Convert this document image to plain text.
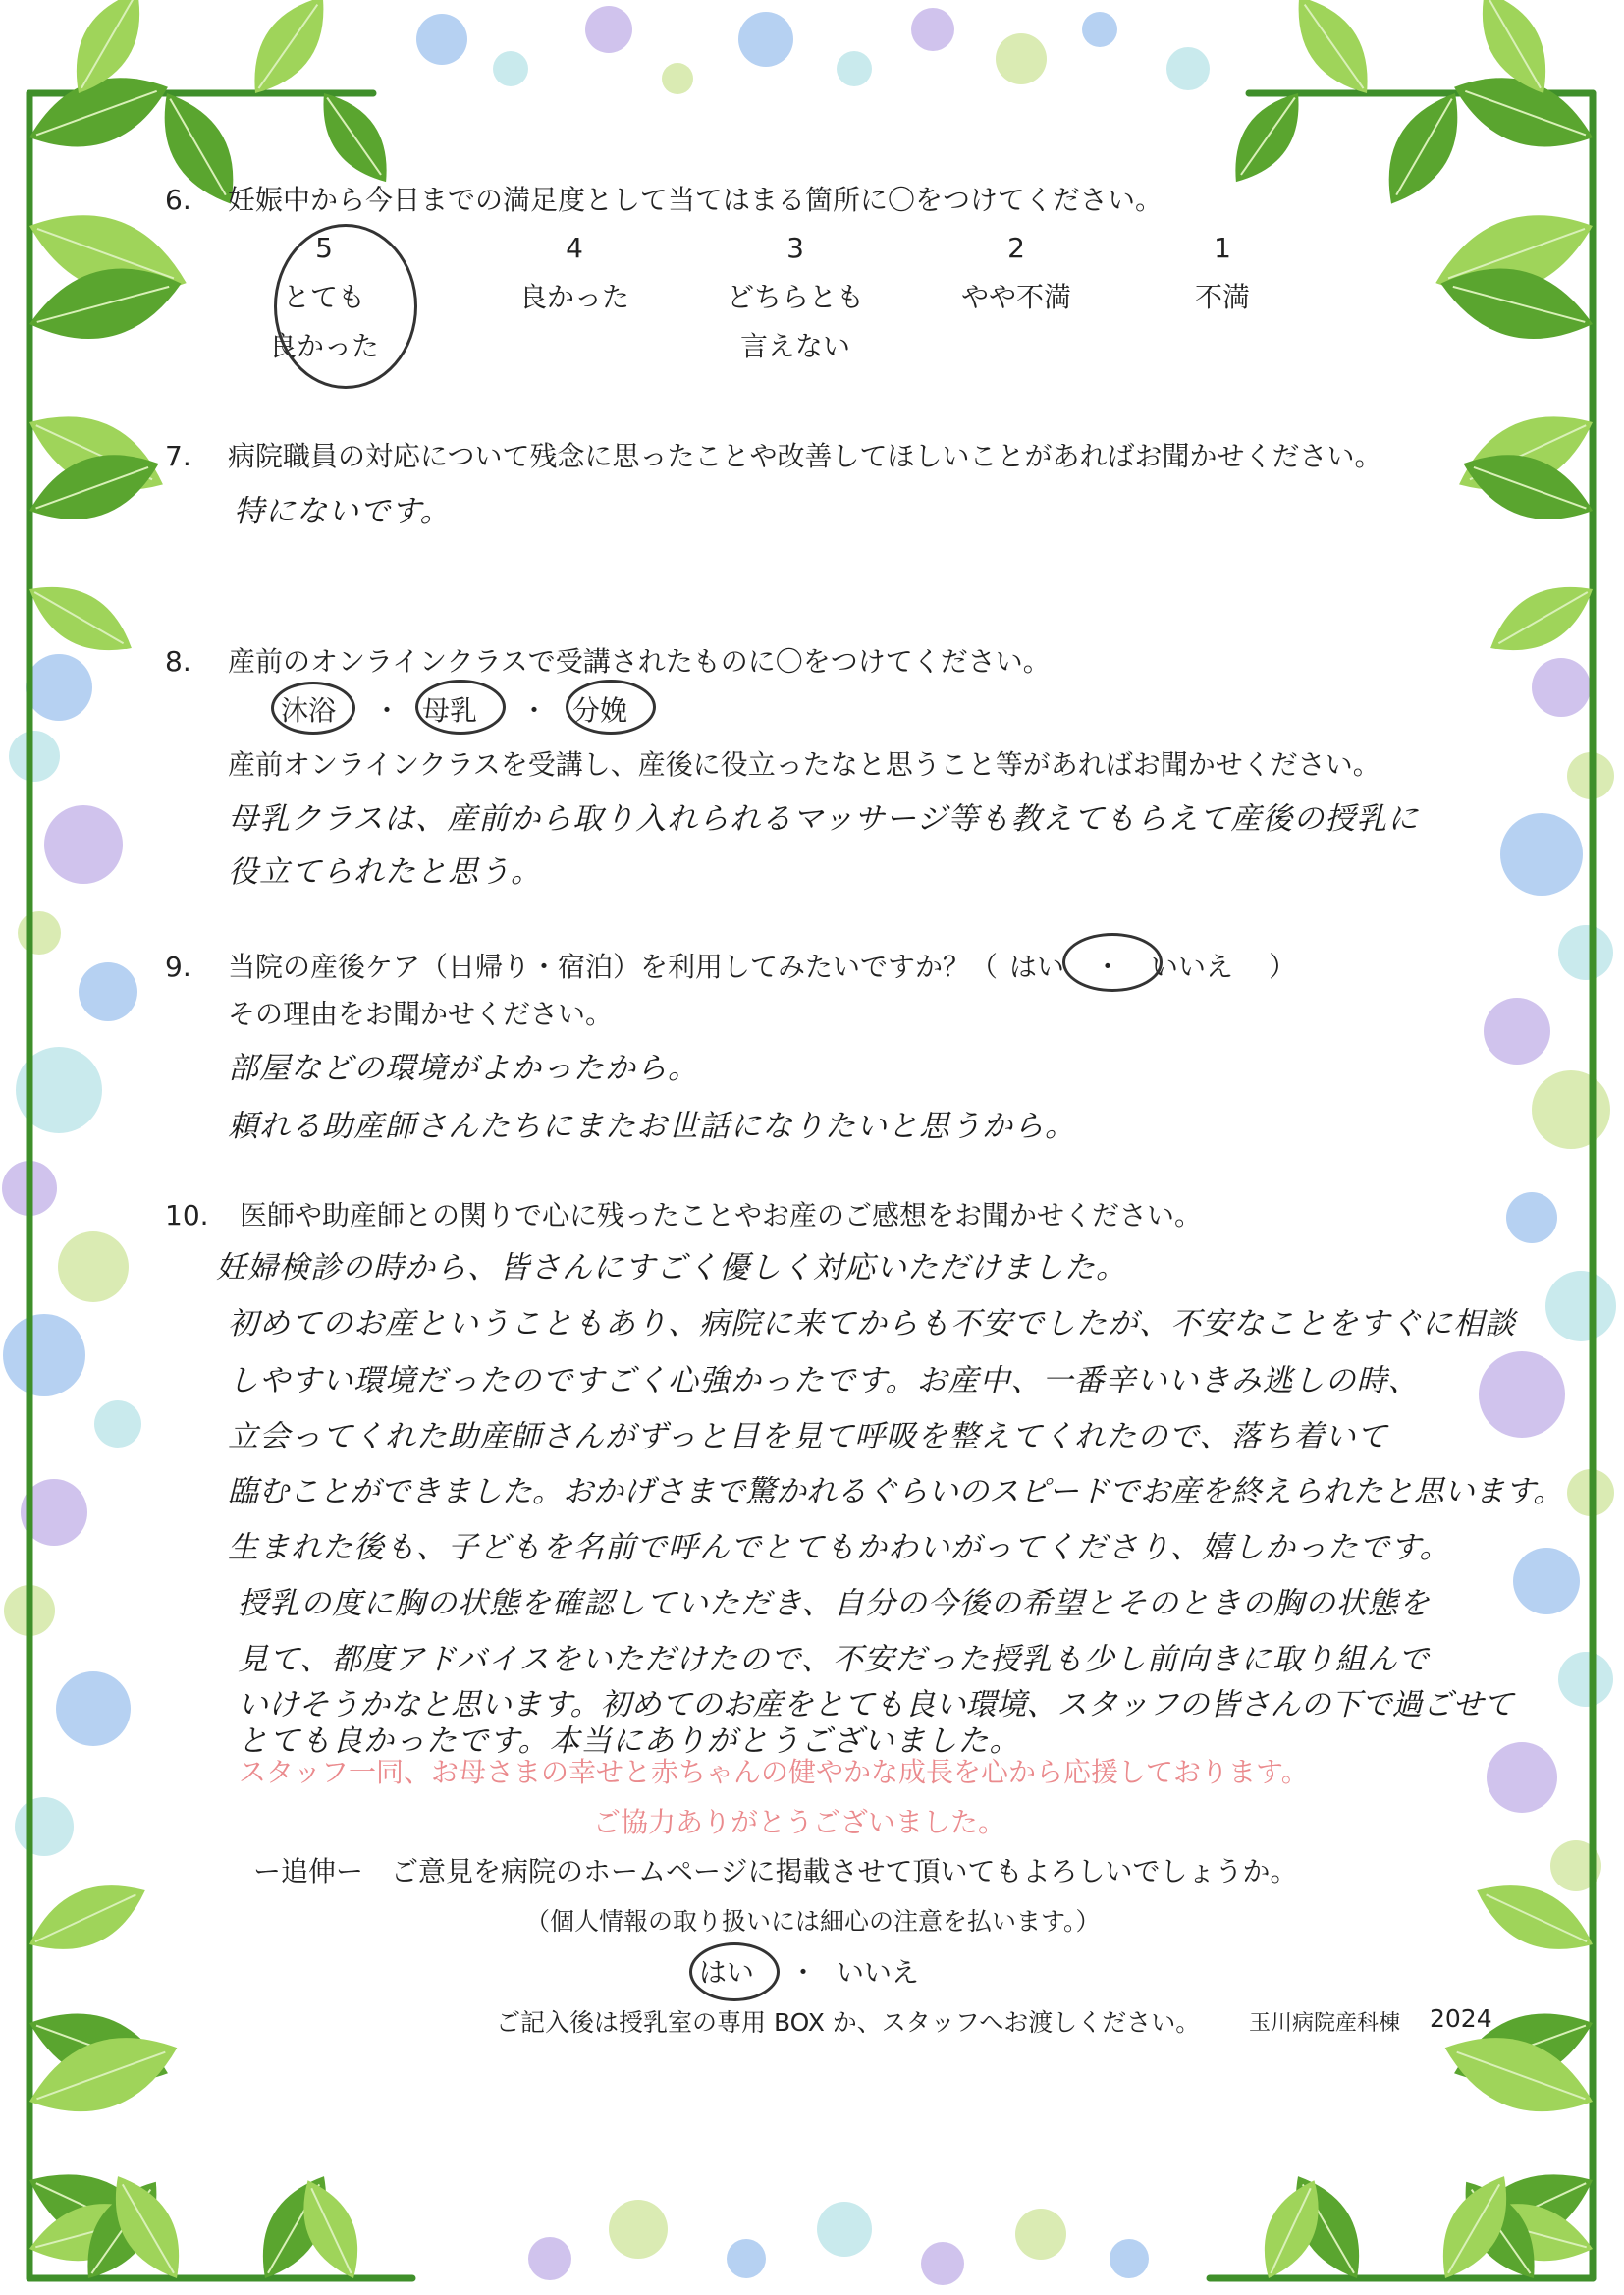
6. 妊娠中から今日までの満足度として当てはまる箇所に〇をつけてください。
5
とても
良かった
4
良かった
3
どちらとも
言えない
2
やや不満
1
不満
7. 病院職員の対応について残念に思ったことや改善してほしいことがあればお聞かせください。
特にないです。
8. 産前のオンラインクラスで受講されたものに〇をつけてください。
沐浴 ・ 母乳 ・ 分娩
産前オンラインクラスを受講し、産後に役立ったなと思うこと等があればお聞かせください。
母乳クラスは、産前から取り入れられるマッサージ等も教えてもらえて産後の授乳に
役立てられたと思う。
9. 当院の産後ケア（日帰り・宿泊）を利用してみたいですか？（ はい ・ いいえ ）
その理由をお聞かせください。
部屋などの環境がよかったから。
頼れる助産師さんたちにまたお世話になりたいと思うから。
10. 医師や助産師との関りで心に残ったことやお産のご感想をお聞かせください。
妊婦検診の時から、皆さんにすごく優しく対応いただけました。
初めてのお産ということもあり、病院に来てからも不安でしたが、不安なことをすぐに相談
しやすい環境だったのですごく心強かったです。お産中、一番辛いいきみ逃しの時、
立会ってくれた助産師さんがずっと目を見て呼吸を整えてくれたので、落ち着いて
臨むことができました。おかげさまで驚かれるぐらいのスピードでお産を終えられたと思います。
生まれた後も、子どもを名前で呼んでとてもかわいがってくださり、嬉しかったです。
授乳の度に胸の状態を確認していただき、自分の今後の希望とそのときの胸の状態を
見て、都度アドバイスをいただけたので、不安だった授乳も少し前向きに取り組んで
いけそうかなと思います。初めてのお産をとても良い環境、スタッフの皆さんの下で過ごせて
とても良かったです。本当にありがとうございました。
スタッフ一同、お母さまの幸せと赤ちゃんの健やかな成長を心から応援しております。
ご協力ありがとうございました。
ー追伸ー　ご意見を病院のホームページに掲載させて頂いてもよろしいでしょうか。
（個人情報の取り扱いには細心の注意を払います。）
はい ・ いいえ
ご記入後は授乳室の専用 BOX か、スタッフへお渡しください。 玉川病院産科棟 2024
